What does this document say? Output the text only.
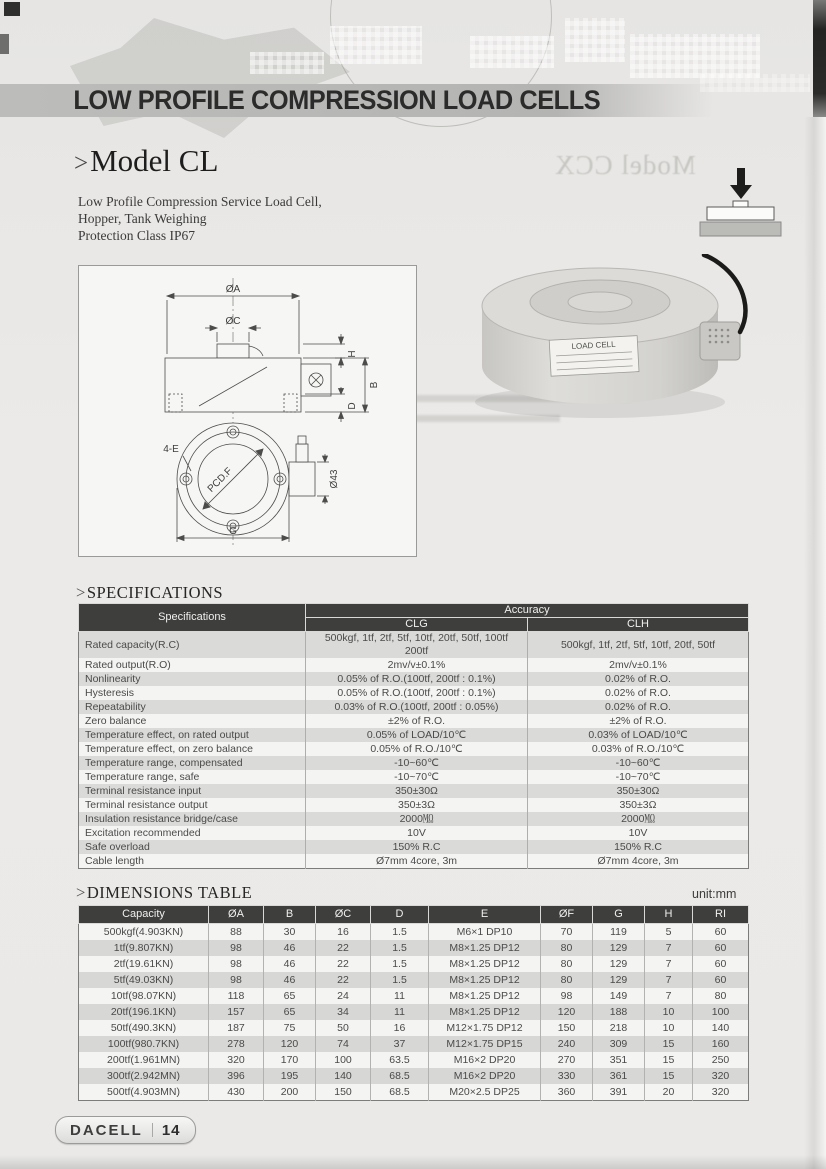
LOW PROFILE COMPRESSION LOAD CELLS
>Model CL	Model CCX
Low Profile Compression Service Load Cell,
Hopper, Tank Weighing
Protection Class IP67
ØA
ØC
H
B
D
4-E
PCD.F	Ø43
G
LOAD CELL
>SPECIFICATIONS
Specifications	Accuracy	
	CLG	CLH
Rated capacity(R.C)	500kgf, 1tf, 2tf, 5tf, 10tf, 20tf, 50tf, 100tf 200tf	500kgf, 1tf, 2tf, 5tf, 10tf, 20tf, 50tf
Rated output(R.O)	2mv/v±0.1%	2mv/v±0.1%
Nonlinearity	0.05% of R.O.(100tf, 200tf : 0.1%)	0.02% of R.O.
Hysteresis	0.05% of R.O.(100tf, 200tf : 0.1%)	0.02% of R.O.
Repeatability	0.03% of R.O.(100tf, 200tf : 0.05%)	0.02% of R.O.
Zero balance	±2% of R.O.	±2% of R.O.
Temperature effect, on rated output	0.05% of LOAD/10℃	0.03% of LOAD/10℃
Temperature effect, on zero balance	0.05% of R.O./10℃	0.03% of R.O./10℃
Temperature range, compensated	-10~60℃	-10~60℃
Temperature range, safe	-10~70℃	-10~70℃
Terminal resistance input	350±30Ω	350±30Ω
Terminal resistance output	350±3Ω	350±3Ω
Insulation resistance bridge/case	2000㏁	2000㏁
Excitation recommended	10V	10V
Safe overload	150% R.C	150% R.C
Cable length	Ø7mm 4core, 3m	Ø7mm 4core, 3m
>DIMENSIONS TABLE	unit:mm
Capacity	ØA	B	ØC	D	E	ØF	G	H	RI
500kgf(4.903KN)	88	30	16	1.5	M6×1 DP10	70	119	5	60
1tf(9.807KN)	98	46	22	1.5	M8×1.25 DP12	80	129	7	60
2tf(19.61KN)	98	46	22	1.5	M8×1.25 DP12	80	129	7	60
5tf(49.03KN)	98	46	22	1.5	M8×1.25 DP12	80	129	7	60
10tf(98.07KN)	118	65	24	11	M8×1.25 DP12	98	149	7	80
20tf(196.1KN)	157	65	34	11	M8×1.25 DP12	120	188	10	100
50tf(490.3KN)	187	75	50	16	M12×1.75 DP12	150	218	10	140
100tf(980.7KN)	278	120	74	37	M12×1.75 DP15	240	309	15	160
200tf(1.961MN)	320	170	100	63.5	M16×2 DP20	270	351	15	250
300tf(2.942MN)	396	195	140	68.5	M16×2 DP20	330	361	15	320
500tf(4.903MN)	430	200	150	68.5	M20×2.5 DP25	360	391	20	320
DACELL 14
